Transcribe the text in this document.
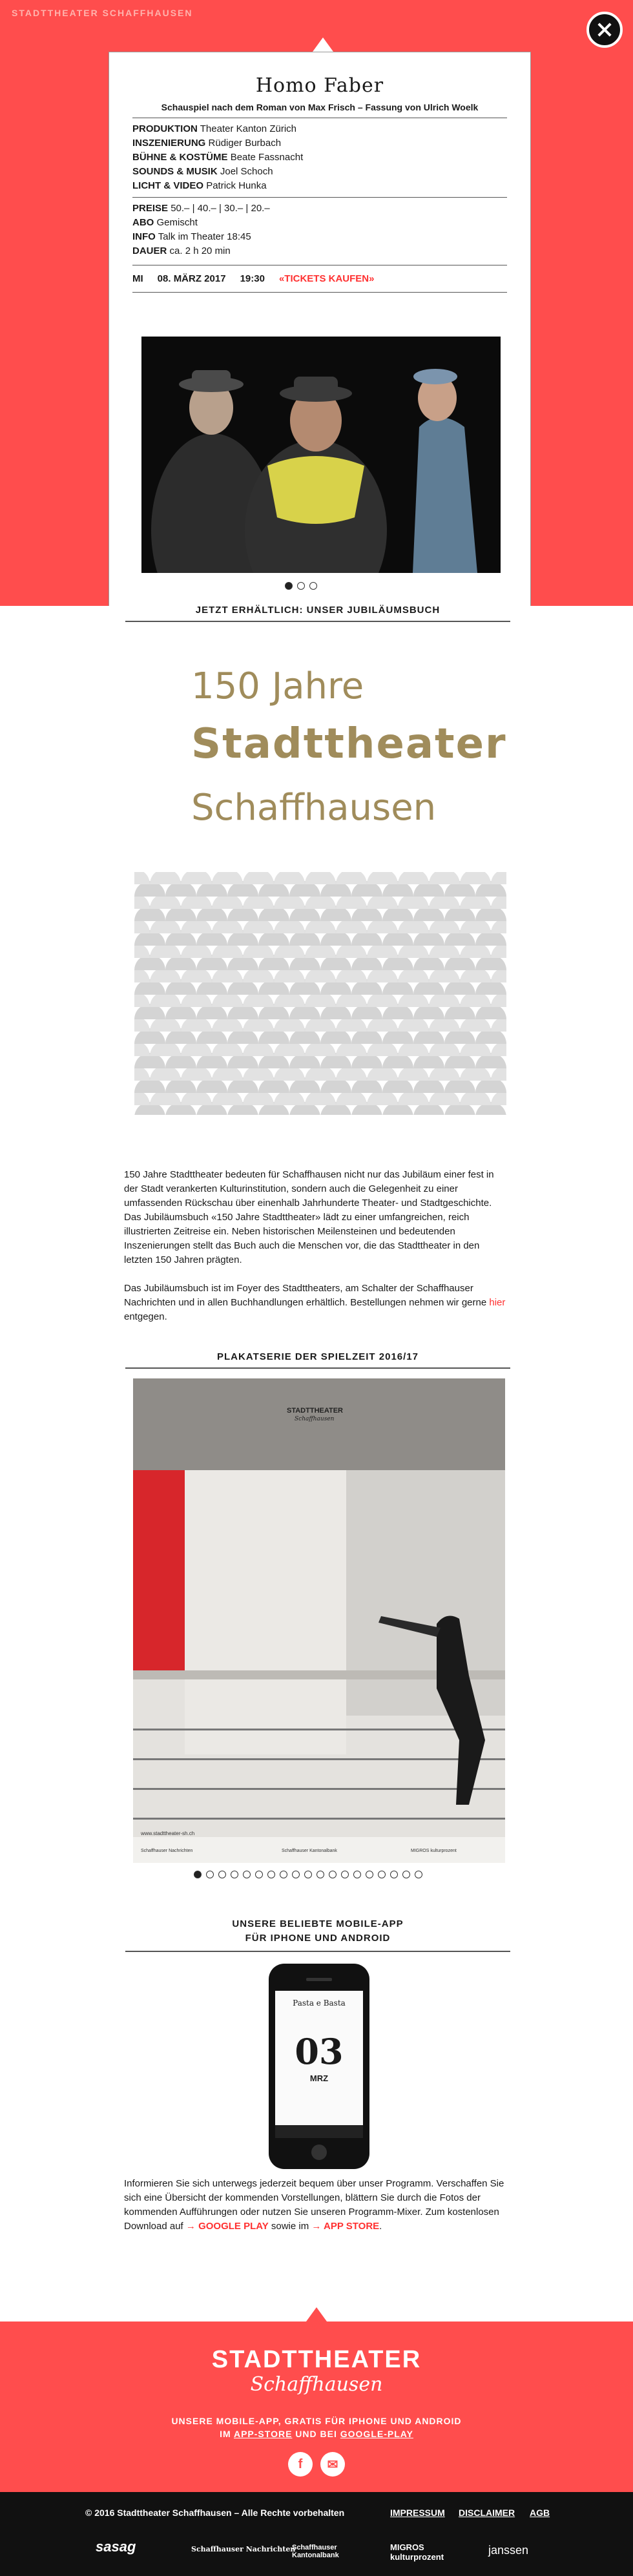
STADTTHEATER SCHAFFHAUSEN
Homo Faber
Schauspiel nach dem Roman von Max Frisch – Fassung von Ulrich Woelk
PRODUKTION Theater Kanton Zürich
INSZENIERUNG Rüdiger Burbach
BÜHNE & KOSTÜME Beate Fassnacht
SOUNDS & MUSIK Joel Schoch
LICHT & VIDEO Patrick Hunka
PREISE 50.– | 40.– | 30.– | 20.–
ABO Gemischt
INFO Talk im Theater 18:45
DAUER ca. 2 h 20 min
MI 08. MÄRZ 2017 19:30 «TICKETS KAUFEN»
JETZT ERHÄLTLICH: UNSER JUBILÄUMSBUCH
150 Jahre
Stadttheater
Schaffhausen

150 Jahre Stadttheater bedeuten für Schaffhausen nicht nur das Jubiläum einer fest in der Stadt verankerten Kulturinstitution, sondern auch die Gelegenheit zu einer umfassenden Rückschau über einenhalb Jahrhunderte Theater- und Stadtgeschichte. Das Jubiläumsbuch «150 Jahre Stadttheater» lädt zu einer umfangreichen, reich illustrierten Zeitreise ein. Neben historischen Meilensteinen und bedeutenden Inszenierungen stellt das Buch auch die Menschen vor, die das Stadttheater in den letzten 150 Jahren prägten.

Das Jubiläumsbuch ist im Foyer des Stadttheaters, am Schalter der Schaffhauser Nachrichten und in allen Buchhandlungen erhältlich. Bestellungen nehmen wir gerne hier entgegen.

PLAKATSERIE DER SPIELZEIT 2016/17
STADTTHEATER
Schaffhausen
www.stadttheater-sh.ch
Schaffhauser Nachrichten	Schaffhauser Kantonalbank	MIGROS kulturprozent
UNSERE BELIEBTE MOBILE-APP
FÜR IPHONE UND ANDROID
Pasta e Basta
03
MRZ
Informieren Sie sich unterwegs jederzeit bequem über unser Programm. Verschaffen Sie sich eine Übersicht der kommenden Vorstellungen, blättern Sie durch die Fotos der kommenden Aufführungen oder nutzen Sie unseren Programm-Mixer. Zum kostenlosen Download auf → GOOGLE PLAY sowie im → APP STORE.
STADTTHEATER
Schaffhausen
UNSERE MOBILE-APP, GRATIS FÜR IPHONE UND ANDROID
IM APP-STORE UND BEI GOOGLE-PLAY
f	✉
© 2016 Stadttheater Schaffhausen – Alle Rechte vorbehalten	IMPRESSUM DISCLAIMER AGB
sasag	Schaffhauser Nachrichten
Schaffhauser Kantonalbank
MIGROS kulturprozent
janssen
